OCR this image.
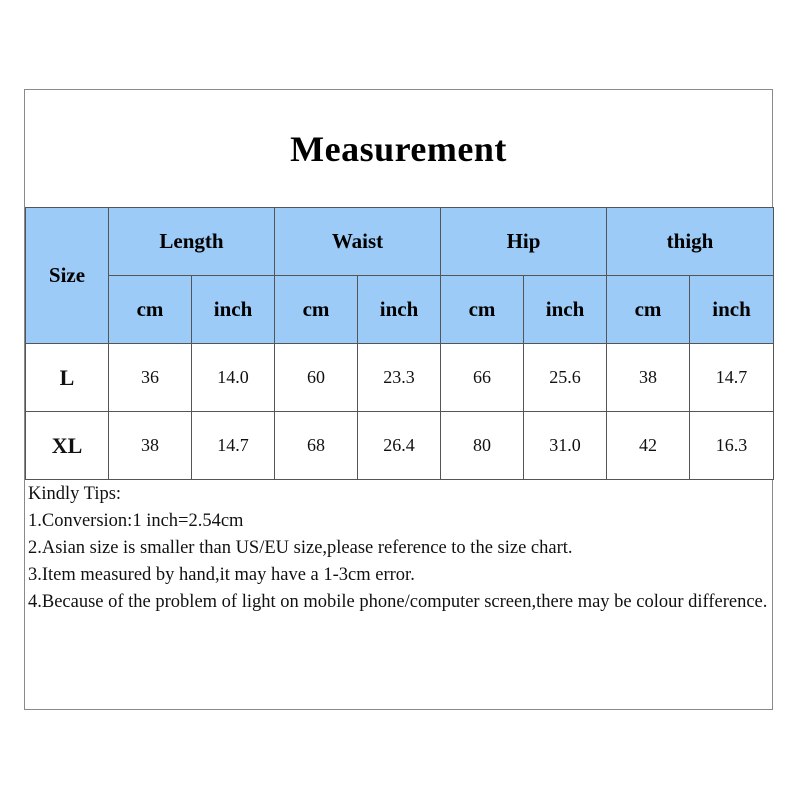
Measurement
Size	Length		Waist		Hip		thigh	
	cm	inch	cm	inch	cm	inch	cm	inch
L	36	14.0	60	23.3	66	25.6	38	14.7
XL	38	14.7	68	26.4	80	31.0	42	16.3

Kindly Tips:

1.Conversion:1 inch=2.54cm

2.Asian size is smaller than US/EU size,please reference to the size chart.

3.Item measured by hand,it may have a 1-3cm error.

4.Because of the problem of light on mobile phone/computer screen,there may be colour difference.
